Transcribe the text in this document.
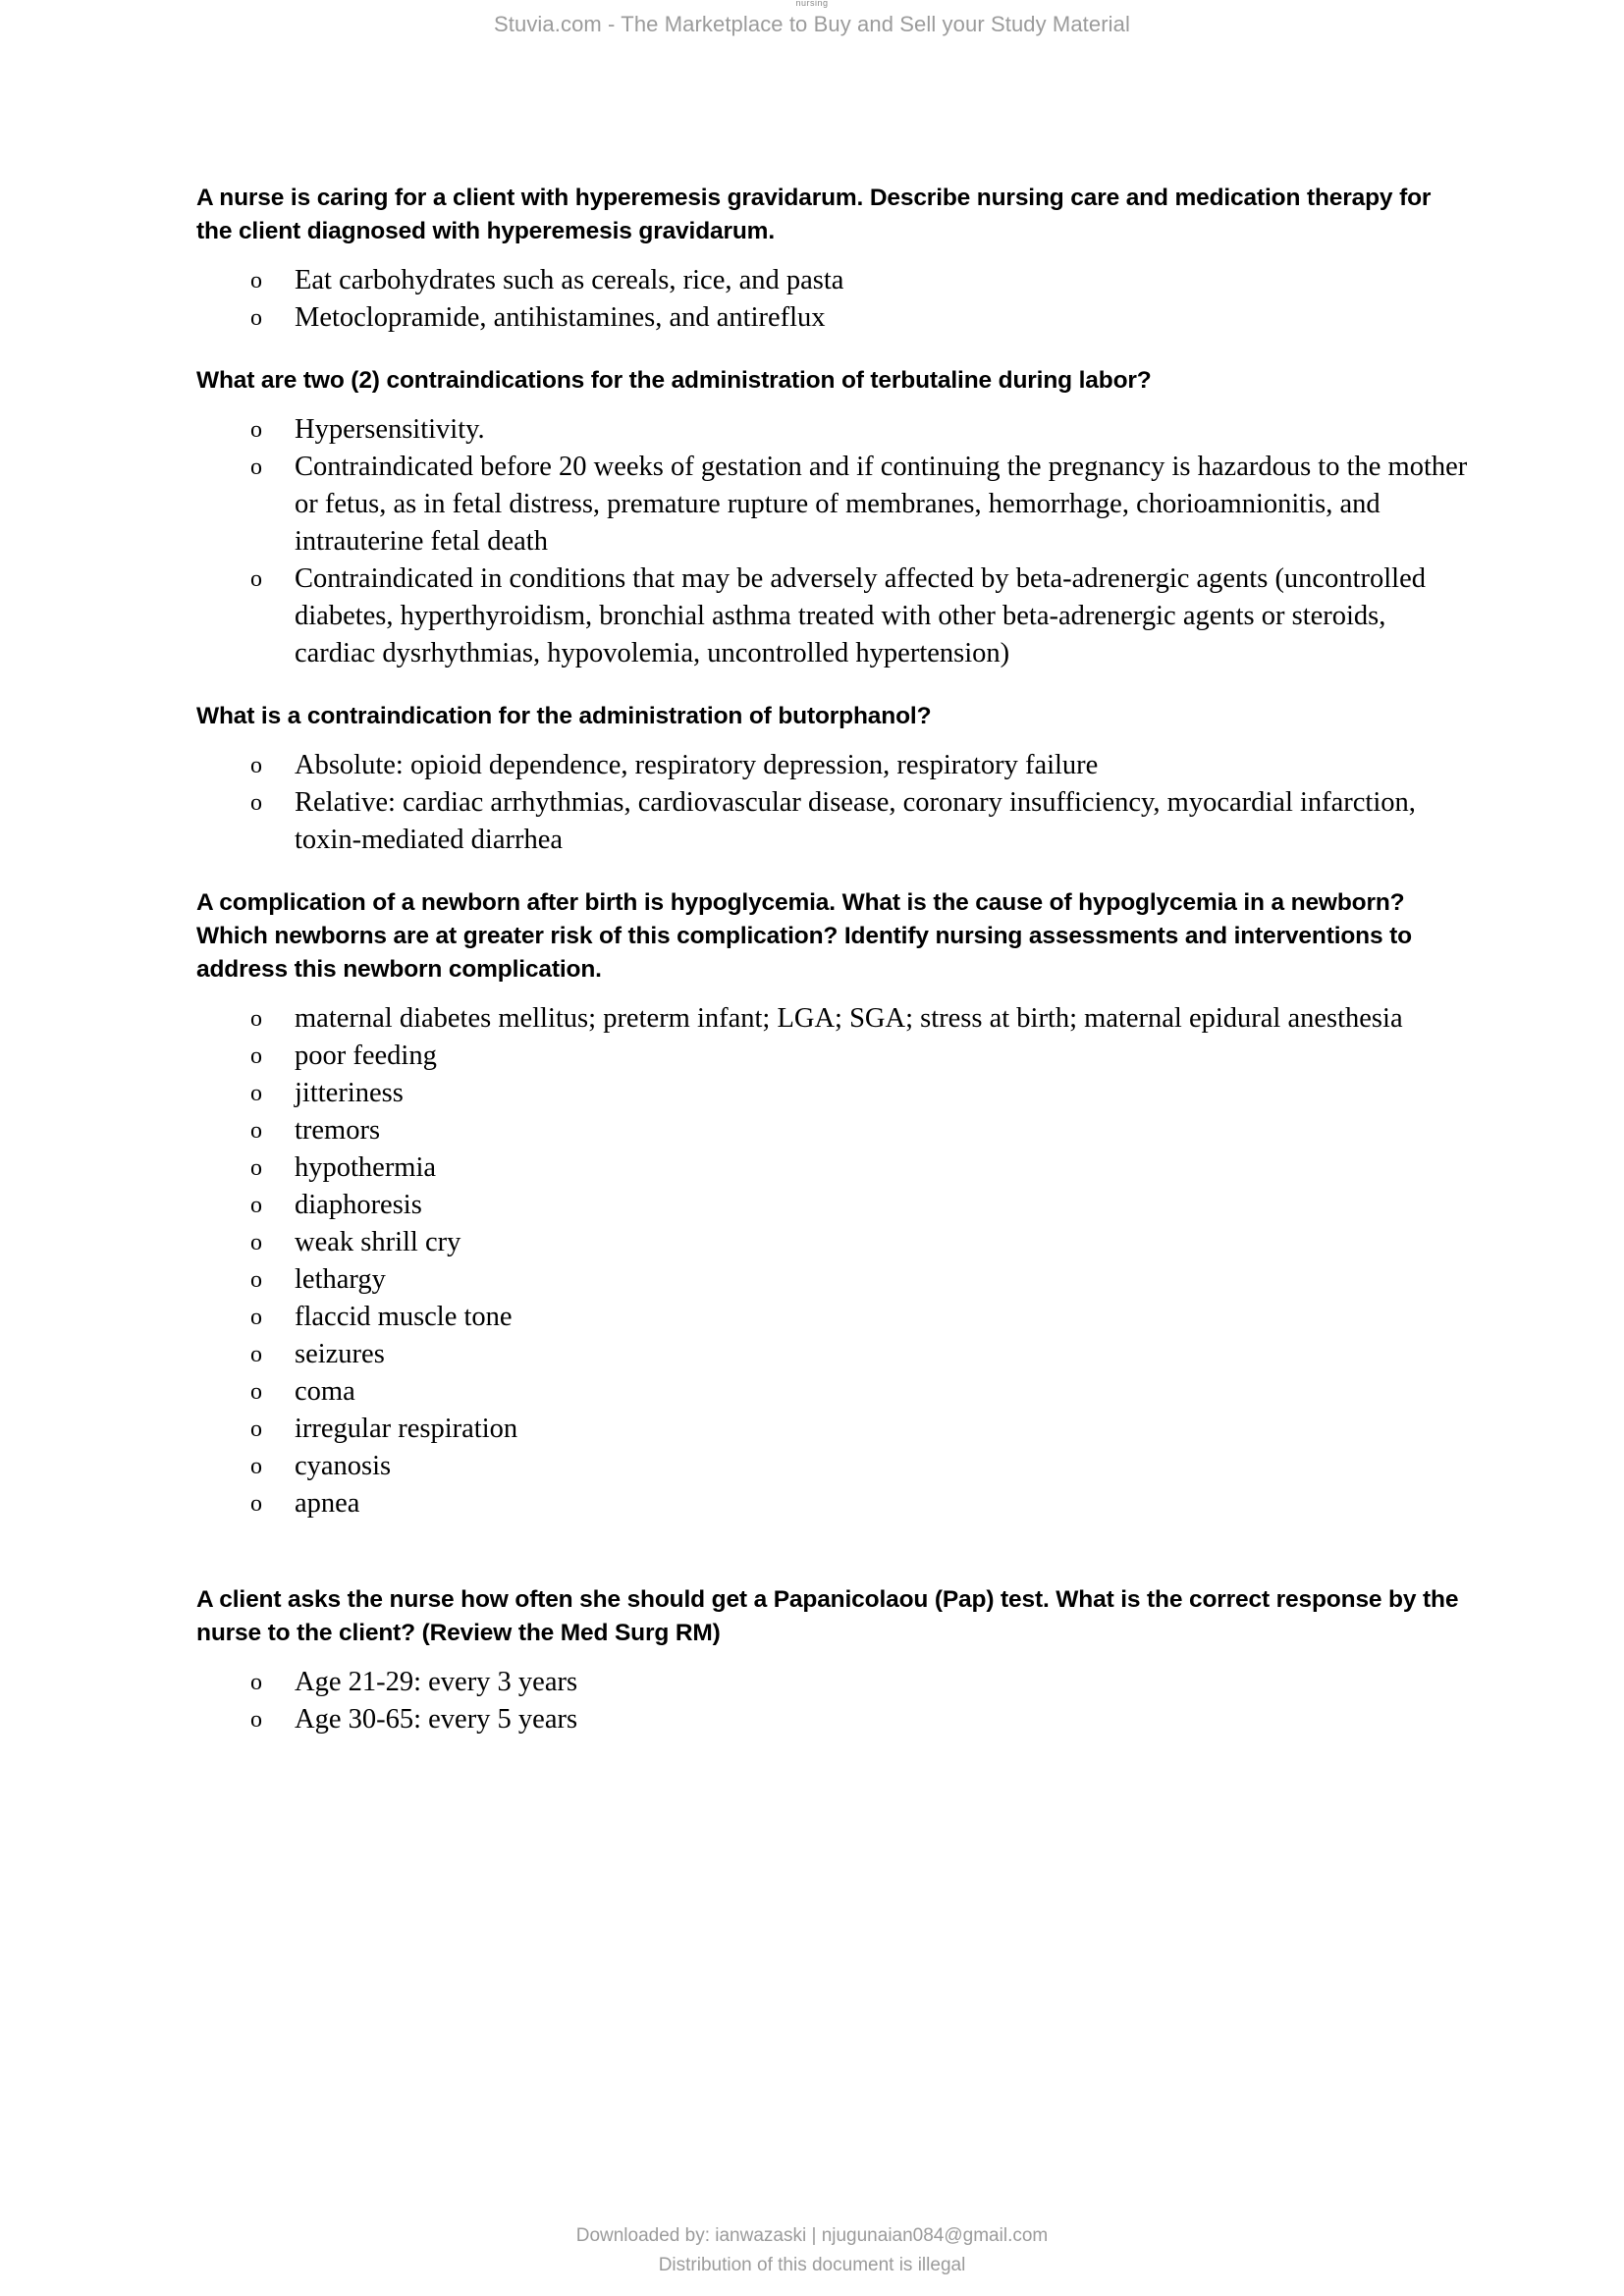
nursing
Stuvia.com - The Marketplace to Buy and Sell your Study Material
A nurse is caring for a client with hyperemesis gravidarum. Describe nursing care and medication therapy for the client diagnosed with hyperemesis gravidarum.
o Eat carbohydrates such as cereals, rice, and pasta
o Metoclopramide, antihistamines, and antireflux
What are two (2) contraindications for the administration of terbutaline during labor?
o Hypersensitivity.
o Contraindicated before 20 weeks of gestation and if continuing the pregnancy is hazardous to the mother or fetus, as in fetal distress, premature rupture of membranes, hemorrhage, chorioamnionitis, and intrauterine fetal death
o Contraindicated in conditions that may be adversely affected by beta-adrenergic agents (uncontrolled diabetes, hyperthyroidism, bronchial asthma treated with other beta-adrenergic agents or steroids, cardiac dysrhythmias, hypovolemia, uncontrolled hypertension)
What is a contraindication for the administration of butorphanol?
o Absolute: opioid dependence, respiratory depression, respiratory failure
o Relative: cardiac arrhythmias, cardiovascular disease, coronary insufficiency, myocardial infarction, toxin-mediated diarrhea
A complication of a newborn after birth is hypoglycemia. What is the cause of hypoglycemia in a newborn? Which newborns are at greater risk of this complication? Identify nursing assessments and interventions to address this newborn complication.
o maternal diabetes mellitus; preterm infant; LGA; SGA; stress at birth; maternal epidural anesthesia
o poor feeding
o jitteriness
o tremors
o hypothermia
o diaphoresis
o weak shrill cry
o lethargy
o flaccid muscle tone
o seizures
o coma
o irregular respiration
o cyanosis
o apnea
A client asks the nurse how often she should get a Papanicolaou (Pap) test. What is the correct response by the nurse to the client? (Review the Med Surg RM)
o Age 21-29: every 3 years
o Age 30-65: every 5 years
Downloaded by: ianwazaski | njugunaian084@gmail.com
Distribution of this document is illegal
